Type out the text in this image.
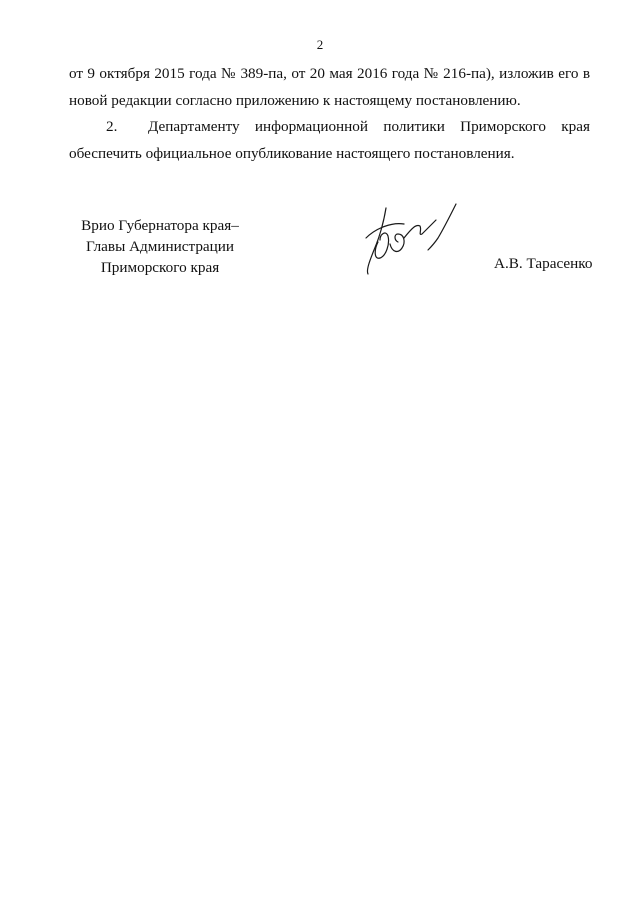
2

от 9 октября 2015 года № 389-па, от 20 мая 2016 года № 216-па), изложив его в новой редакции согласно приложению к настоящему постановлению.

2.  Департаменту информационной политики Приморского края обеспечить официальное опубликование настоящего постановления.

Врио Губернатора края–
Главы Администрации
Приморского края	А.В. Тарасенко
